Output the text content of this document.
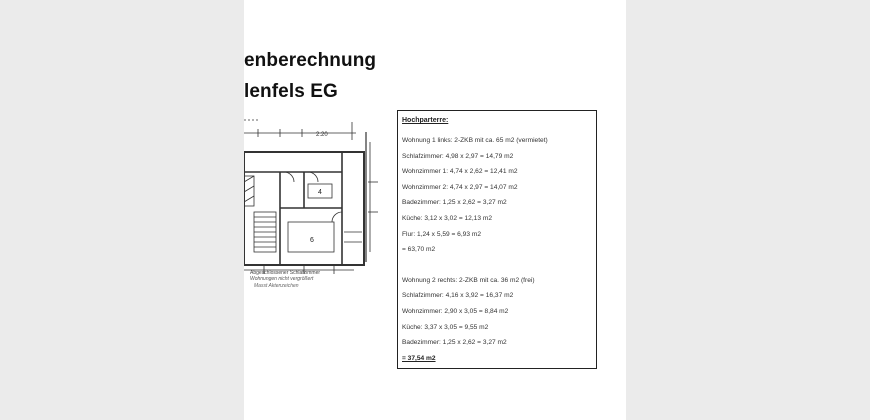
enberechnung
lenfels EG
2.20
4
6
Abgeschlossener Schlafzimmer
Wohnungen nicht vergrößert
Masst Aktenzeichen
Hochparterre:
Wohnung 1 links: 2-ZKB mit ca. 65 m2 (vermietet)
Schlafzimmer: 4,98 x 2,97 = 14,79 m2
Wohnzimmer 1: 4,74 x 2,62 = 12,41 m2
Wohnzimmer 2: 4,74 x 2,97 = 14,07 m2
Badezimmer: 1,25 x 2,62 = 3,27 m2
Küche: 3,12 x 3,02 = 12,13 m2
Flur: 1,24 x 5,59 = 6,93 m2
= 63,70 m2
Wohnung 2 rechts: 2-ZKB mit ca. 36 m2 (frei)
Schlafzimmer: 4,16 x 3,92 = 16,37 m2
Wohnzimmer: 2,90 x 3,05 = 8,84 m2
Küche: 3,37 x 3,05 = 9,55 m2
Badezimmer: 1,25 x 2,62 = 3,27 m2
= 37,54 m2
